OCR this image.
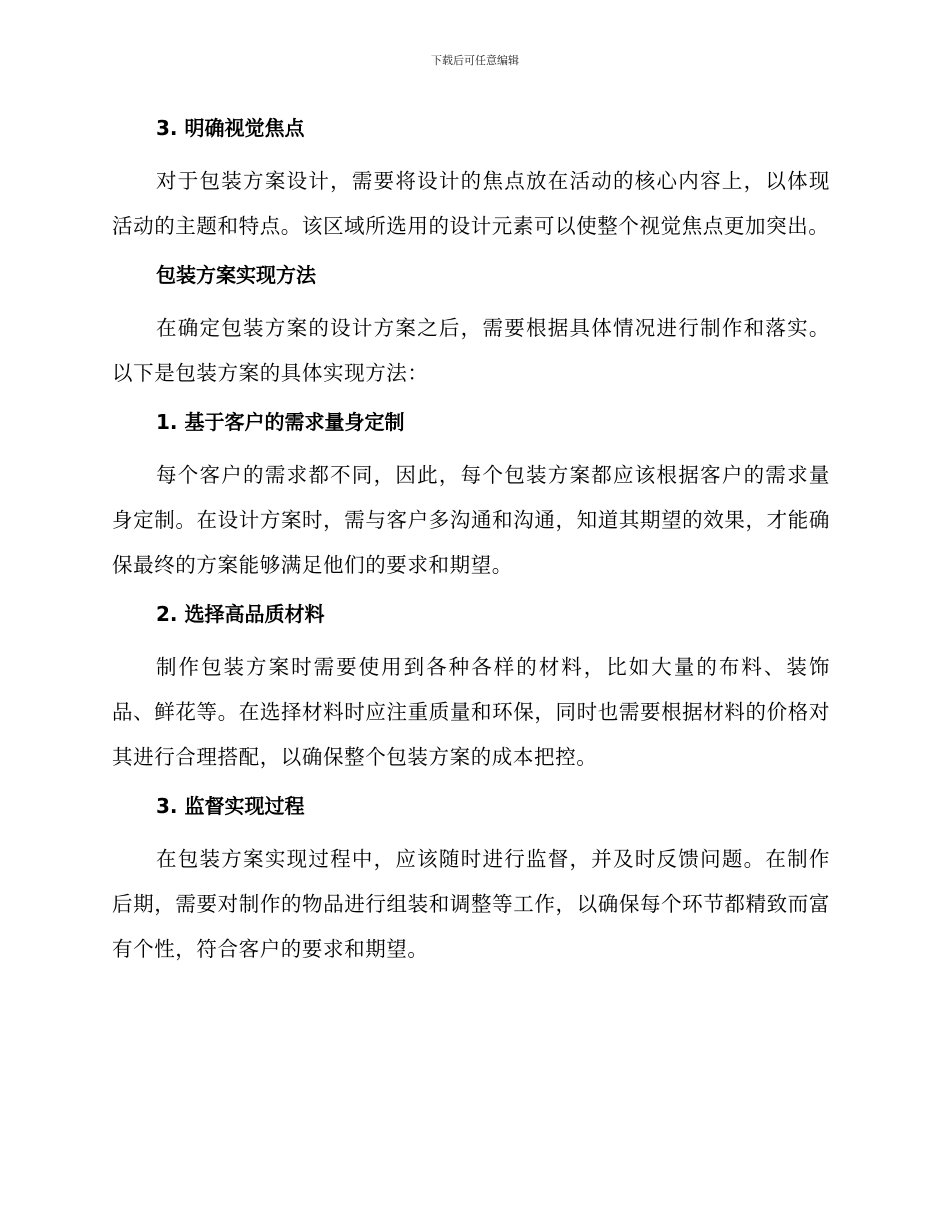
下载后可任意编辑
3. 明确视觉焦点

对于包装方案设计，需要将设计的焦点放在活动的核心内容上，以体现活动的主题和特点。该区域所选用的设计元素可以使整个视觉焦点更加突出。

包装方案实现方法

在确定包装方案的设计方案之后，需要根据具体情况进行制作和落实。以下是包装方案的具体实现方法：

1. 基于客户的需求量身定制

每个客户的需求都不同，因此，每个包装方案都应该根据客户的需求量身定制。在设计方案时，需与客户多沟通和沟通，知道其期望的效果，才能确保最终的方案能够满足他们的要求和期望。

2. 选择高品质材料

制作包装方案时需要使用到各种各样的材料，比如大量的布料、装饰品、鲜花等。在选择材料时应注重质量和环保，同时也需要根据材料的价格对其进行合理搭配，以确保整个包装方案的成本把控。

3. 监督实现过程

在包装方案实现过程中，应该随时进行监督，并及时反馈问题。在制作后期，需要对制作的物品进行组装和调整等工作，以确保每个环节都精致而富有个性，符合客户的要求和期望。
